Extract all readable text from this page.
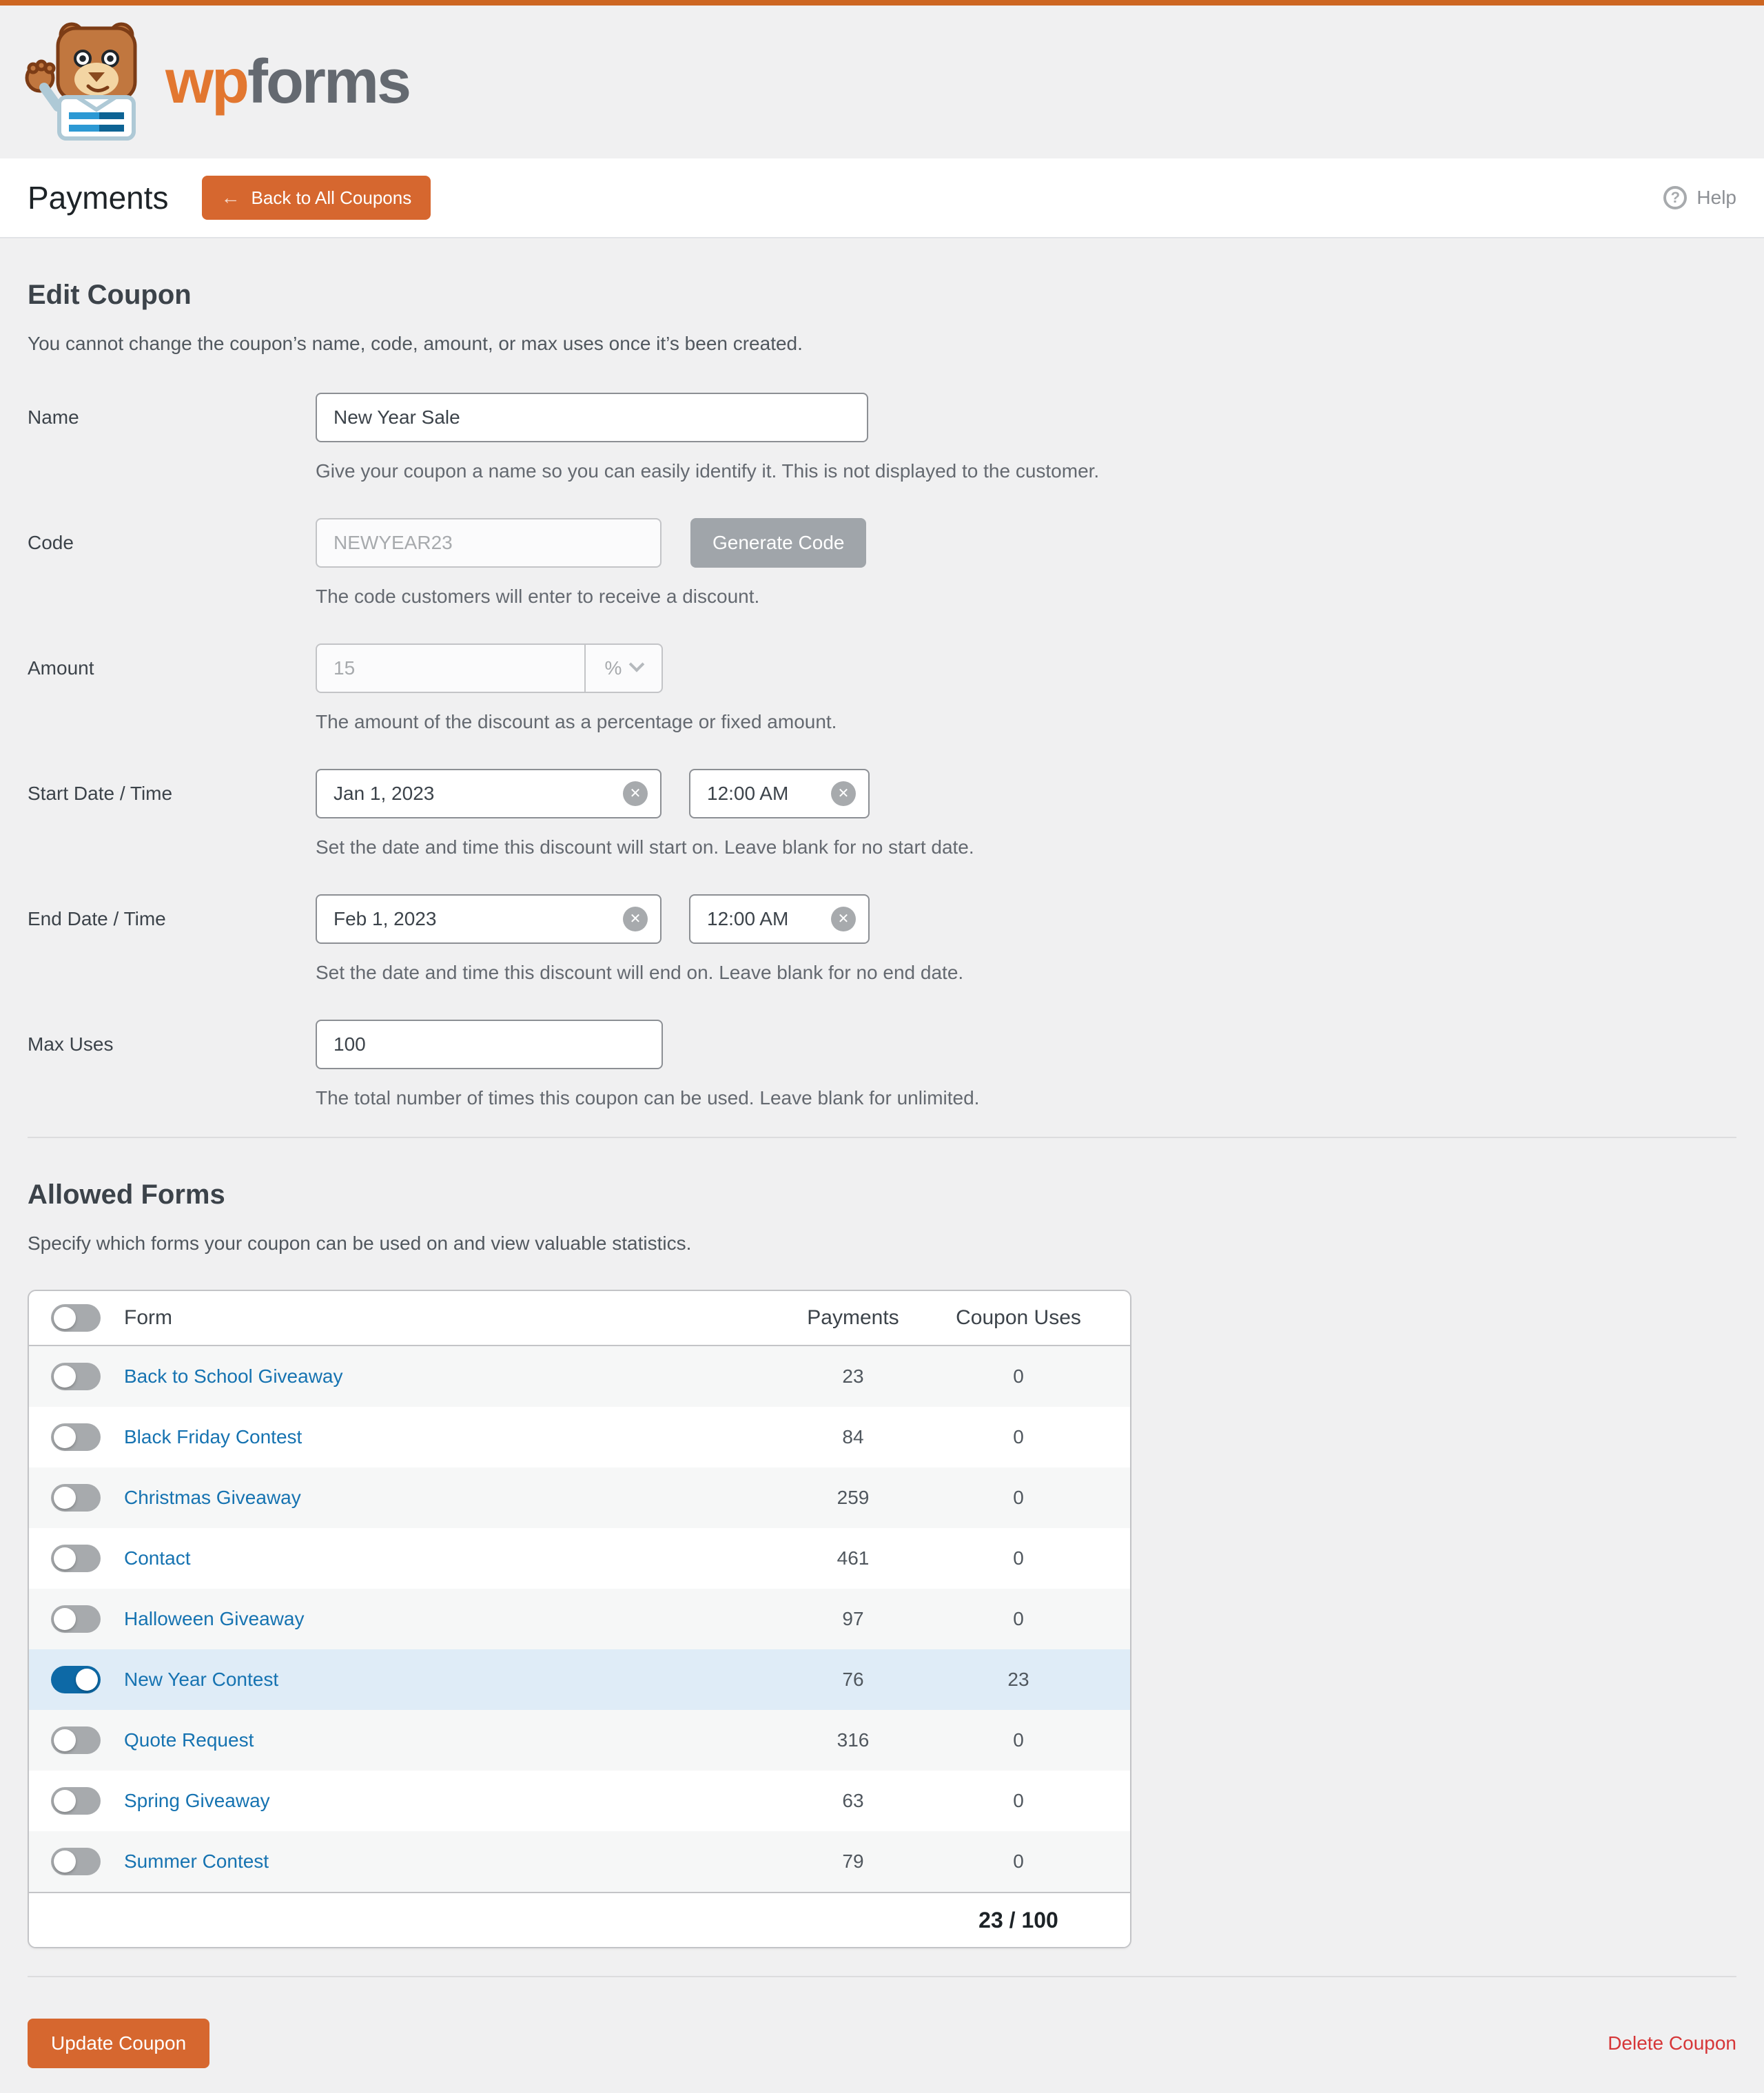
wpforms
Payments	← Back to All Coupons	?	Help
Edit Coupon

You cannot change the coupon’s name, code, amount, or max uses once it’s been created.

Name
New Year Sale
Give your coupon a name so you can easily identify it. This is not displayed to the customer.
Code
NEWYEAR23	Generate Code
The code customers will enter to receive a discount.
Amount
15	%
The amount of the discount as a percentage or fixed amount.
Start Date / Time
Jan 1, 2023	✕
12:00 AM	✕
Set the date and time this discount will start on. Leave blank for no start date.
End Date / Time
Feb 1, 2023	✕
12:00 AM	✕
Set the date and time this discount will end on. Leave blank for no end date.
Max Uses
100
The total number of times this coupon can be used. Leave blank for unlimited.
Allowed Forms

Specify which forms your coupon can be used on and view valuable statistics.

Form	Payments	Coupon Uses
Back to School Giveaway	23	0
Black Friday Contest	84	0
Christmas Giveaway	259	0
Contact	461	0
Halloween Giveaway	97	0
New Year Contest	76	23
Quote Request	316	0
Spring Giveaway	63	0
Summer Contest	79	0
23 / 100
Update Coupon	Delete Coupon
